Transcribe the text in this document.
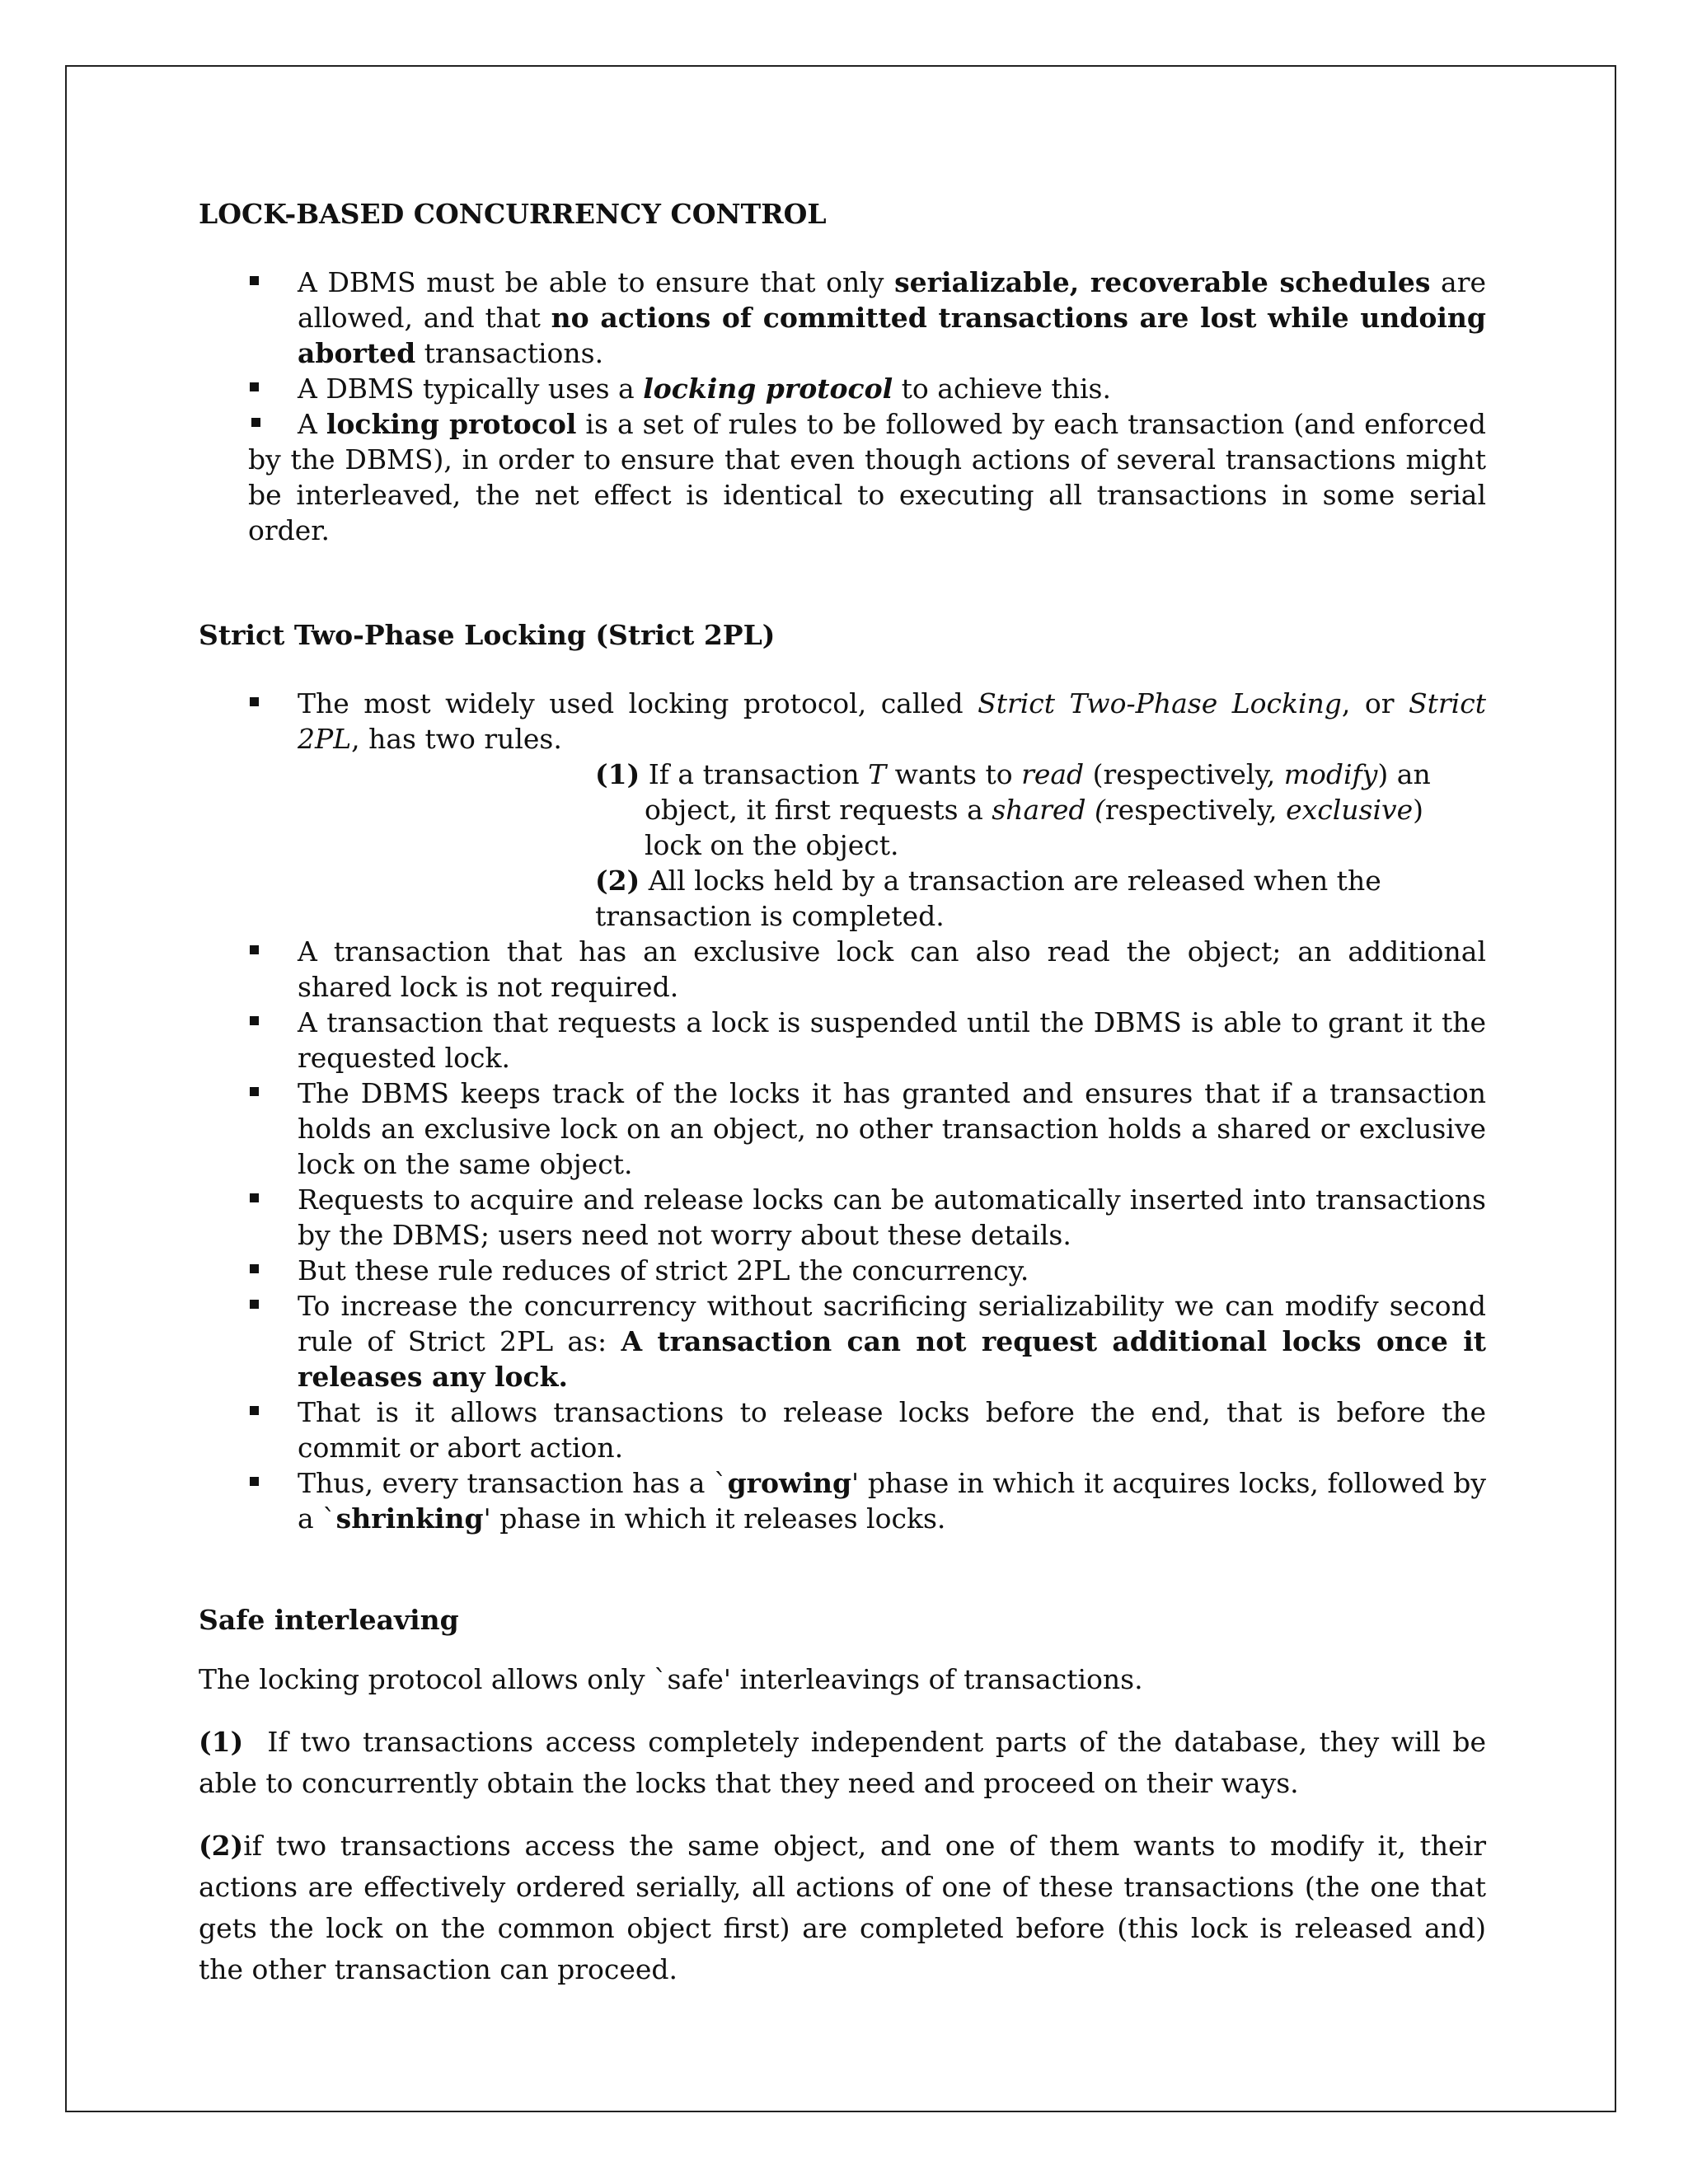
LOCK-BASED CONCURRENCY CONTROL
A DBMS must be able to ensure that only serializable, recoverable schedules are allowed, and that no actions of committed transactions are lost while undoing aborted transactions.
A DBMS typically uses a locking protocol to achieve this.
A locking protocol is a set of rules to be followed by each transaction (and enforced by the DBMS), in order to ensure that even though actions of several transactions might be interleaved, the net effect is identical to executing all transactions in some serial order.
Strict Two-Phase Locking (Strict 2PL)
The most widely used locking protocol, called Strict Two-Phase Locking, or Strict 2PL, has two rules.
(1) If a transaction T wants to read (respectively, modify) an object, it first requests a shared (respectively, exclusive) lock on the object.
(2) All locks held by a transaction are released when the transaction is completed.
A transaction that has an exclusive lock can also read the object; an additional shared lock is not required.
A transaction that requests a lock is suspended until the DBMS is able to grant it the requested lock.
The DBMS keeps track of the locks it has granted and ensures that if a transaction holds an exclusive lock on an object, no other transaction holds a shared or exclusive lock on the same object.
Requests to acquire and release locks can be automatically inserted into transactions by the DBMS; users need not worry about these details.
But these rule reduces of strict 2PL the concurrency.
To increase the concurrency without sacrificing serializability we can modify second rule of Strict 2PL as: A transaction can not request additional locks once it releases any lock.
That is it allows transactions to release locks before the end, that is before the commit or abort action.
Thus, every transaction has a `growing' phase in which it acquires locks, followed by a `shrinking' phase in which it releases locks.
Safe interleaving

The locking protocol allows only `safe' interleavings of transactions.

(1)  If two transactions access completely independent parts of the database, they will be able to concurrently obtain the locks that they need and proceed on their ways.

(2)if two transactions access the same object, and one of them wants to modify it, their actions are effectively ordered serially, all actions of one of these transactions (the one that gets the lock on the common object first) are completed before (this lock is released and) the other transaction can proceed.
